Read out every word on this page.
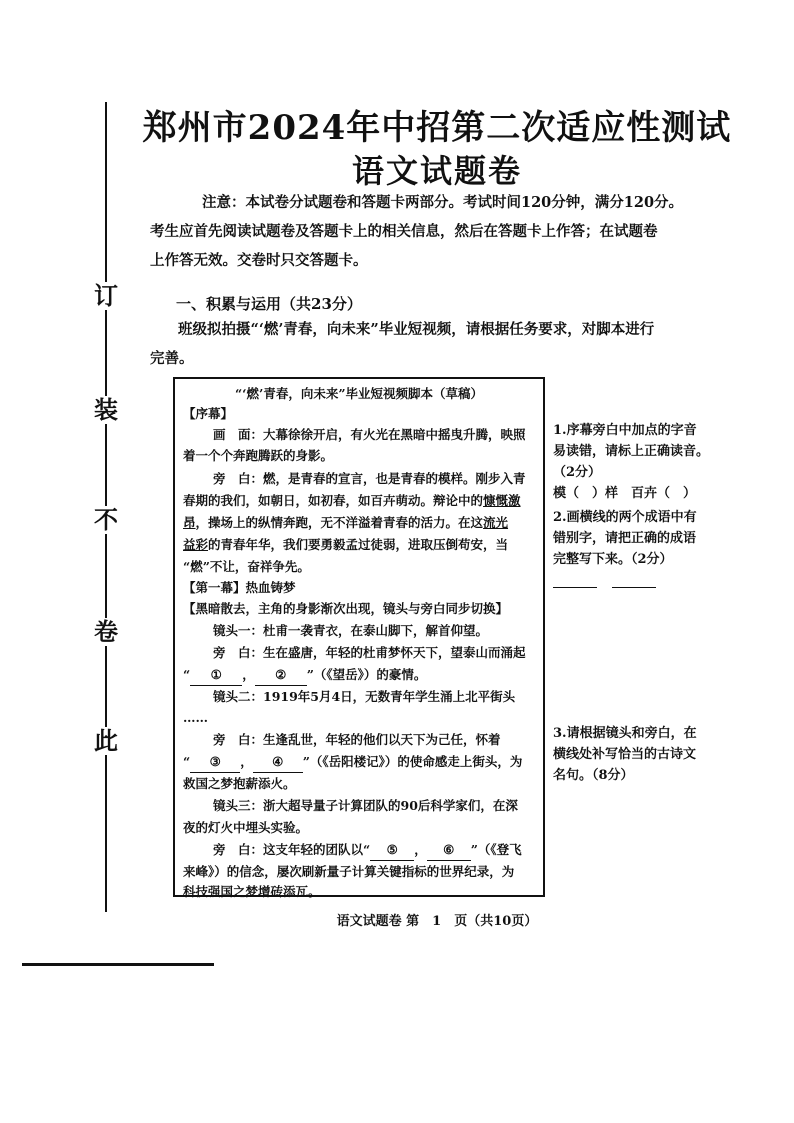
订
装
不
卷
此
郑州市2024年中招第二次适应性测试
语文试题卷
注意：本试卷分试题卷和答题卡两部分。考试时间120分钟，满分120分。
考生应首先阅读试题卷及答题卡上的相关信息，然后在答题卡上作答；在试题卷
上作答无效。交卷时只交答题卡。
一、积累与运用（共23分）
班级拟拍摄“‘燃’青春，向未来”毕业短视频，请根据任务要求，对脚本进行
完善。
“‘燃’青春，向未来”毕业短视频脚本（草稿）
【序幕】
画　面：大幕徐徐开启，有火光在黑暗中摇曳升腾，映照
着一个个奔跑腾跃的身影。
旁　白：燃，是青春的宣言，也是青春的模样。刚步入青
春期的我们，如朝日，如初春，如百卉萌动。辩论中的慷慨激
昂，操场上的纵情奔跑，无不洋溢着青春的活力。在这流光
益彩的青春年华，我们要勇毅孟过徒弱，进取压倒苟安，当
“燃”不让，奋祥争先。
【第一幕】热血铸梦
【黑暗散去，主角的身影渐次出现，镜头与旁白同步切换】
镜头一：杜甫一袭青衣，在泰山脚下，解首仰望。
旁　白：生在盛唐，年轻的杜甫梦怀天下，望泰山而涌起
“ ① ， ② ”（《望岳》）的豪情。
镜头二：1919年5月4日，无数青年学生涌上北平街头
……
旁　白：生逢乱世，年轻的他们以天下为己任，怀着
“ ③ ， ④ ”（《岳阳楼记》）的使命感走上街头，为
救国之梦抱薪添火。
镜头三：浙大超导量子计算团队的90后科学家们，在深
夜的灯火中埋头实验。
旁　白：这支年轻的团队以“ ⑤ ， ⑥ ”（《登飞
来峰》）的信念，屡次刷新量子计算关键指标的世界纪录，为
科技强国之梦增砖添瓦。
1.序幕旁白中加点的字音
易读错，请标上正确读音。
（2分）
模（　）样　百卉（　）
2.画横线的两个成语中有
错别字，请把正确的成语
完整写下来。（2分）
3.请根据镜头和旁白，在
横线处补写恰当的古诗文
名句。（8分）
语文试题卷 第　1　页（共10页）
